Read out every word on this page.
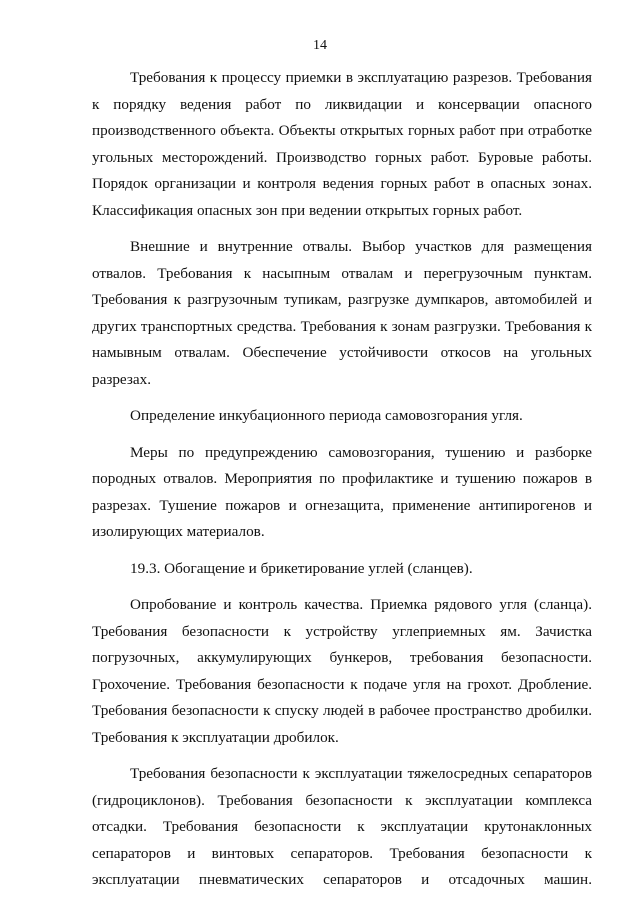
14

Требования к процессу приемки в эксплуатацию разрезов. Требования к порядку ведения работ по ликвидации и консервации опасного производственного объекта. Объекты открытых горных работ при отработке угольных месторождений. Производство горных работ. Буровые работы. Порядок организации и контроля ведения горных работ в опасных зонах. Классификация опасных зон при ведении открытых горных работ.

Внешние и внутренние отвалы. Выбор участков для размещения отвалов. Требования к насыпным отвалам и перегрузочным пунктам. Требования к разгрузочным тупикам, разгрузке думпкаров, автомобилей и других транспортных средства. Требования к зонам разгрузки. Требования к намывным отвалам. Обеспечение устойчивости откосов на угольных разрезах.

Определение инкубационного периода самовозгорания угля.

Меры по предупреждению самовозгорания, тушению и разборке породных отвалов. Мероприятия по профилактике и тушению пожаров в разрезах. Тушение пожаров и огнезащита, применение антипирогенов и изолирующих материалов.

19.3. Обогащение и брикетирование углей (сланцев).

Опробование и контроль качества. Приемка рядового угля (сланца). Требования безопасности к устройству углеприемных ям. Зачистка погрузочных, аккумулирующих бункеров, требования безопасности. Грохочение. Требования безопасности к подаче угля на грохот. Дробление. Требования безопасности к спуску людей в рабочее пространство дробилки. Требования к эксплуатации дробилок.

Требования безопасности к эксплуатации тяжелосредных сепараторов (гидроциклонов). Требования безопасности к эксплуатации комплекса отсадки. Требования безопасности к эксплуатации крутонаклонных сепараторов и винтовых сепараторов. Требования безопасности к эксплуатации пневматических сепараторов и отсадочных машин.
